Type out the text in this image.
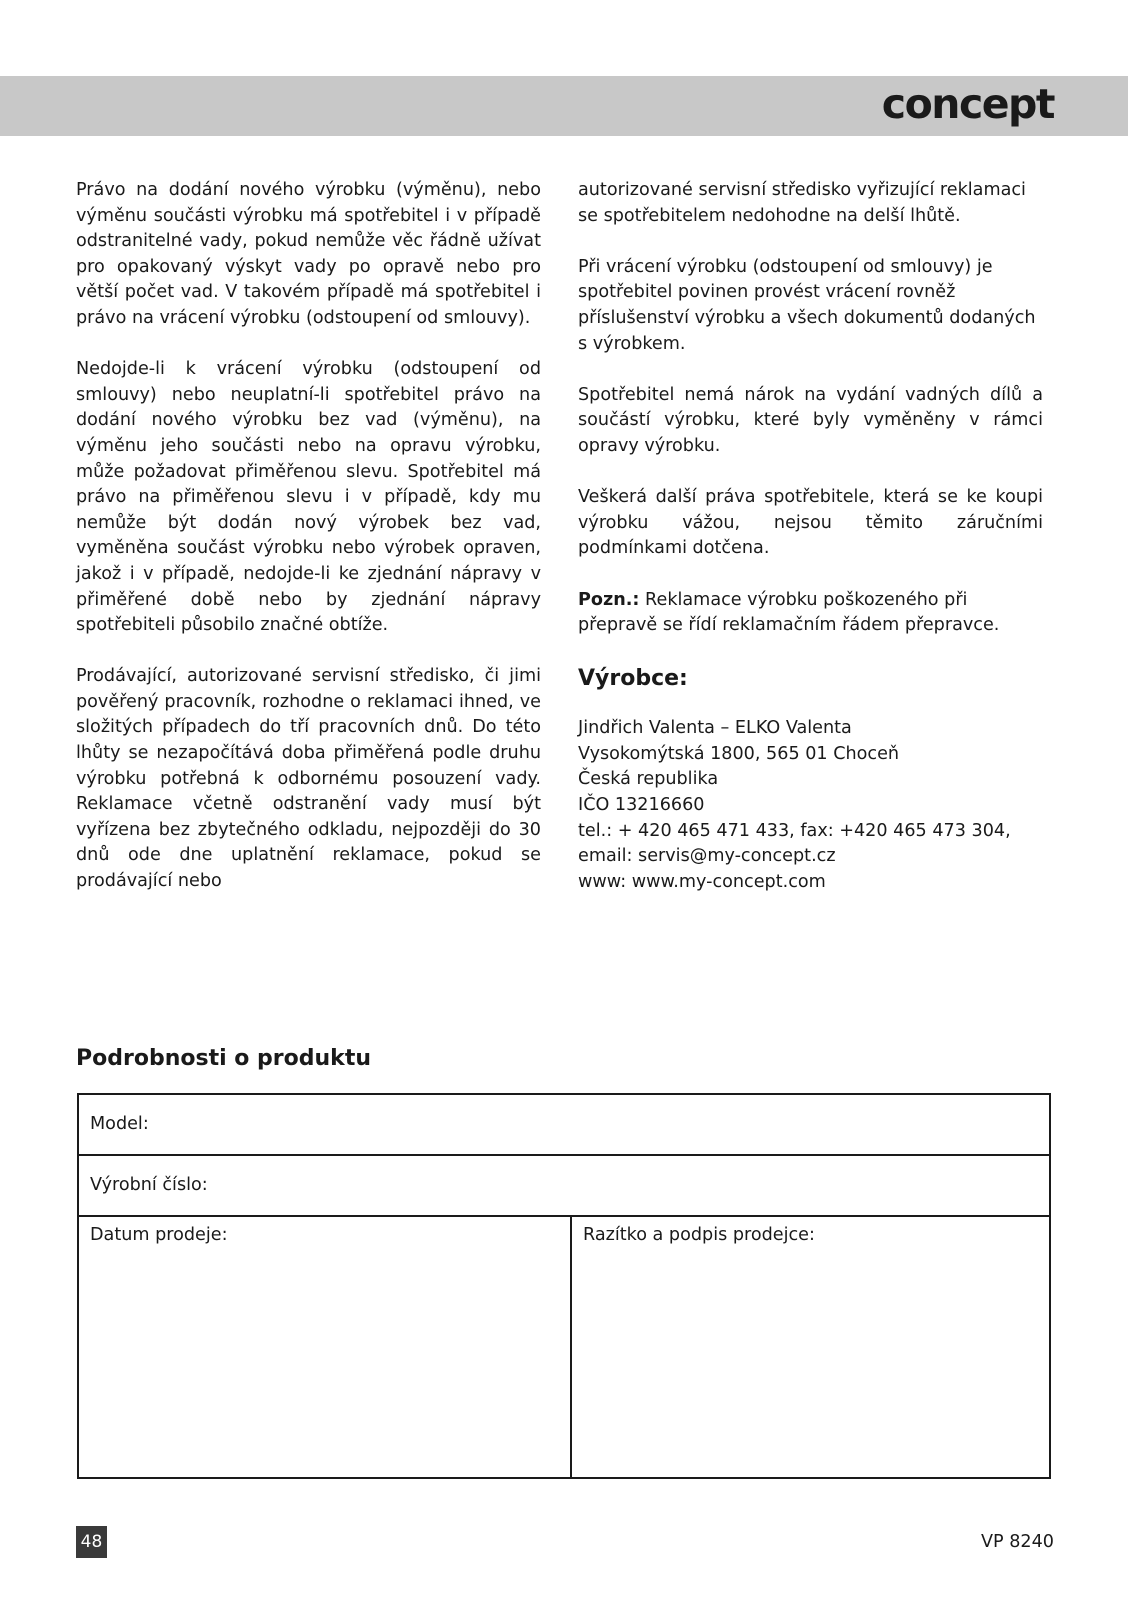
concept

Právo na dodání nového výrobku (výměnu), nebo výměnu součásti výrobku má spotřebitel i v případě odstranitelné vady, pokud nemůže věc řádně užívat pro opakovaný výskyt vady po opravě nebo pro větší počet vad. V takovém případě má spotřebitel i právo na vrácení výrobku (odstoupení od smlouvy).

Nedojde-li k vrácení výrobku (odstoupení od smlouvy) nebo neuplatní-li spotřebitel právo na dodání nového výrobku bez vad (výměnu), na výměnu jeho součásti nebo na opravu výrobku, může požadovat přiměřenou slevu. Spotřebitel má právo na přiměřenou slevu i v případě, kdy mu nemůže být dodán nový výrobek bez vad, vyměněna součást výrobku nebo výrobek opraven, jakož i v případě, nedojde-li ke zjednání nápravy v přiměřené době nebo by zjednání nápravy spotřebiteli působilo značné obtíže.

Prodávající, autorizované servisní středisko, či jimi pověřený pracovník, rozhodne o reklamaci ihned, ve složitých případech do tří pracovních dnů. Do této lhůty se nezapočítává doba přiměřená podle druhu výrobku potřebná k odbornému posouzení vady. Reklamace včetně odstranění vady musí být vyřízena bez zbytečného odkladu, nejpozději do 30 dnů ode dne uplatnění reklamace, pokud se prodávající nebo

autorizované servisní středisko vyřizující reklamaci se spotřebitelem nedohodne na delší lhůtě.

Při vrácení výrobku (odstoupení od smlouvy) je spotřebitel povinen provést vrácení rovněž příslušenství výrobku a všech dokumentů dodaných s výrobkem.

Spotřebitel nemá nárok na vydání vadných dílů a součástí výrobku, které byly vyměněny v rámci opravy výrobku.

Veškerá další práva spotřebitele, která se ke koupi výrobku vážou, nejsou těmito záručními podmínkami dotčena.

Pozn.: Reklamace výrobku poškozeného při přepravě se řídí reklamačním řádem přepravce.

Výrobce:
Jindřich Valenta – ELKO Valenta
Vysokomýtská 1800, 565 01 Choceň
Česká republika
IČO 13216660
tel.: + 420 465 471 433, fax: +420 465 473 304,
email: servis@my-concept.cz
www: www.my-concept.com
Podrobnosti o produktu
Model:
Výrobní číslo:
Datum prodeje:	Razítko a podpis prodejce:
48	VP 8240
